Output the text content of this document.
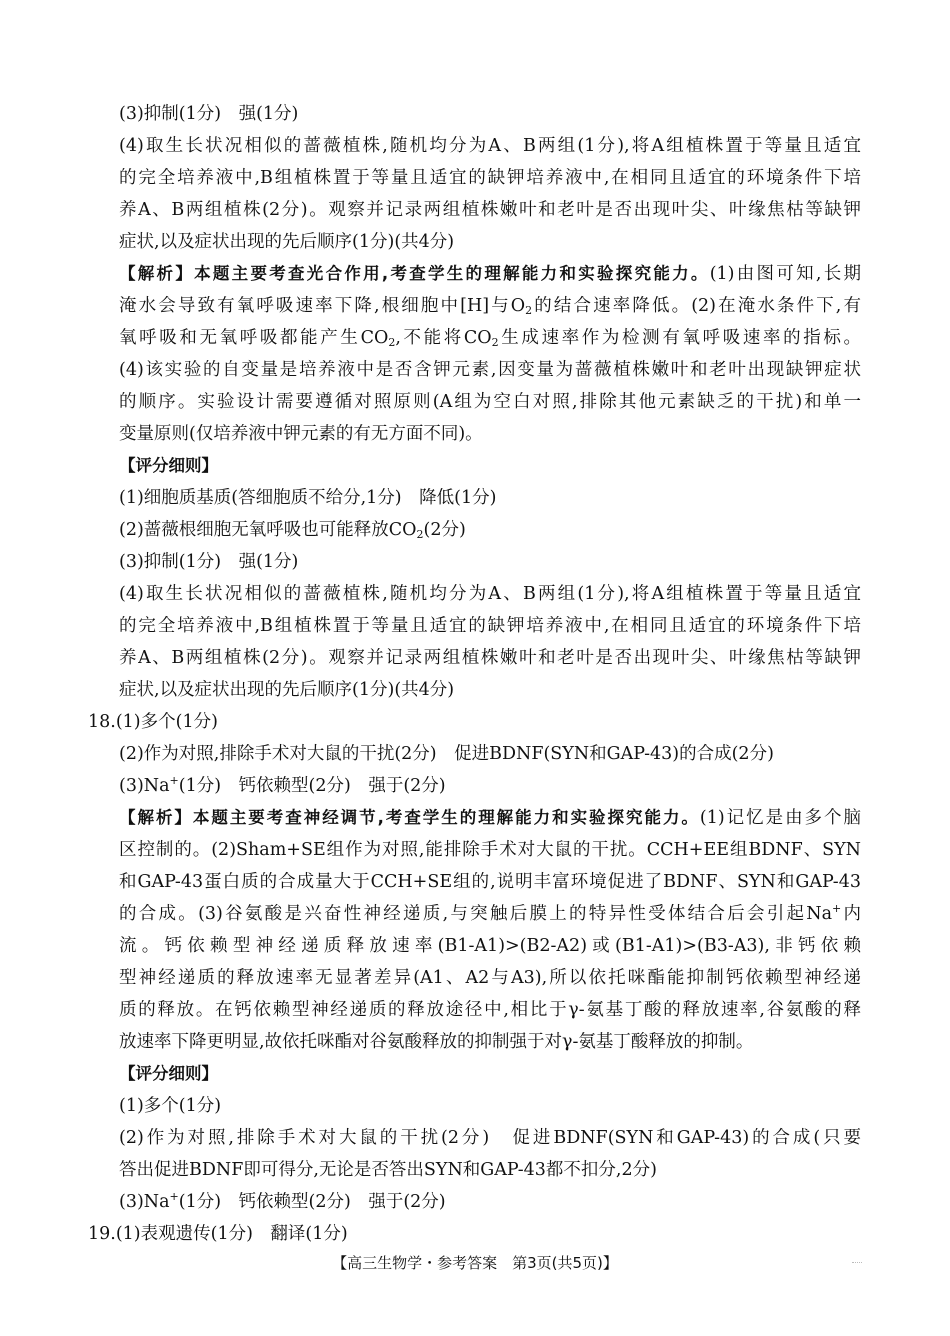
(3)抑制(1分)　强(1分)
(4)取生长状况相似的蔷薇植株,随机均分为A、B两组(1分),将A组植株置于等量且适宜
的完全培养液中,B组植株置于等量且适宜的缺钾培养液中,在相同且适宜的环境条件下培
养A、B两组植株(2分)。观察并记录两组植株嫩叶和老叶是否出现叶尖、叶缘焦枯等缺钾
症状,以及症状出现的先后顺序(1分)(共4分)
【解析】本题主要考查光合作用,考查学生的理解能力和实验探究能力。(1)由图可知,长期
淹水会导致有氧呼吸速率下降,根细胞中[H]与$O_2$的结合速率降低。(2)在淹水条件下,有
氧呼吸和无氧呼吸都能产生$CO_2$,不能将$CO_2$生成速率作为检测有氧呼吸速率的指标。
(4)该实验的自变量是培养液中是否含钾元素,因变量为蔷薇植株嫩叶和老叶出现缺钾症状
的顺序。实验设计需要遵循对照原则(A组为空白对照,排除其他元素缺乏的干扰)和单一
变量原则(仅培养液中钾元素的有无方面不同)。
【评分细则】
(1)细胞质基质(答细胞质不给分,1分)　降低(1分)
(2)蔷薇根细胞无氧呼吸也可能释放$CO_2(2$分)
(3)抑制(1分)　强(1分)
(4)取生长状况相似的蔷薇植株,随机均分为A、B两组(1分),将A组植株置于等量且适宜
的完全培养液中,B组植株置于等量且适宜的缺钾培养液中,在相同且适宜的环境条件下培
养A、B两组植株(2分)。观察并记录两组植株嫩叶和老叶是否出现叶尖、叶缘焦枯等缺钾
症状,以及症状出现的先后顺序(1分)(共4分)
18.(1)多个(1分)
(2)作为对照,排除手术对大鼠的干扰(2分)　促进BDNF(SYN和GAP-43)的合成(2分)
(3)Na+(1分)　钙依赖型(2分)　强于(2分)
【解析】本题主要考查神经调节,考查学生的理解能力和实验探究能力。(1)记忆是由多个脑
区控制的。(2)Sham+SE组作为对照,能排除手术对大鼠的干扰。CCH+EE组BDNF、SYN
和GAP-43蛋白质的合成量大于CCH+SE组的,说明丰富环境促进了BDNF、SYN和GAP-43
的合成。(3)谷氨酸是兴奋性神经递质,与突触后膜上的特异性受体结合后会引起Na+内
流。钙依赖型神经递质释放速率(B1-A1)>(B2-A2)或(B1-A1)>(B3-A3),非钙依赖
型神经递质的释放速率无显著差异(A1、A2与A3),所以依托咪酯能抑制钙依赖型神经递
质的释放。在钙依赖型神经递质的释放途径中,相比于γ-氨基丁酸的释放速率,谷氨酸的释
放速率下降更明显,故依托咪酯对谷氨酸释放的抑制强于对γ-氨基丁酸释放的抑制。
【评分细则】
(1)多个(1分)
(2)作为对照,排除手术对大鼠的干扰(2分)　促进BDNF(SYN和GAP-43)的合成(只要
答出促进BDNF即可得分,无论是否答出SYN和GAP-43都不扣分,2分)
(3)Na+(1分)　钙依赖型(2分)　强于(2分)
19.(1)表观遗传(1分)　翻译(1分)
【高三生物学・参考答案　第3页(共5页)】
